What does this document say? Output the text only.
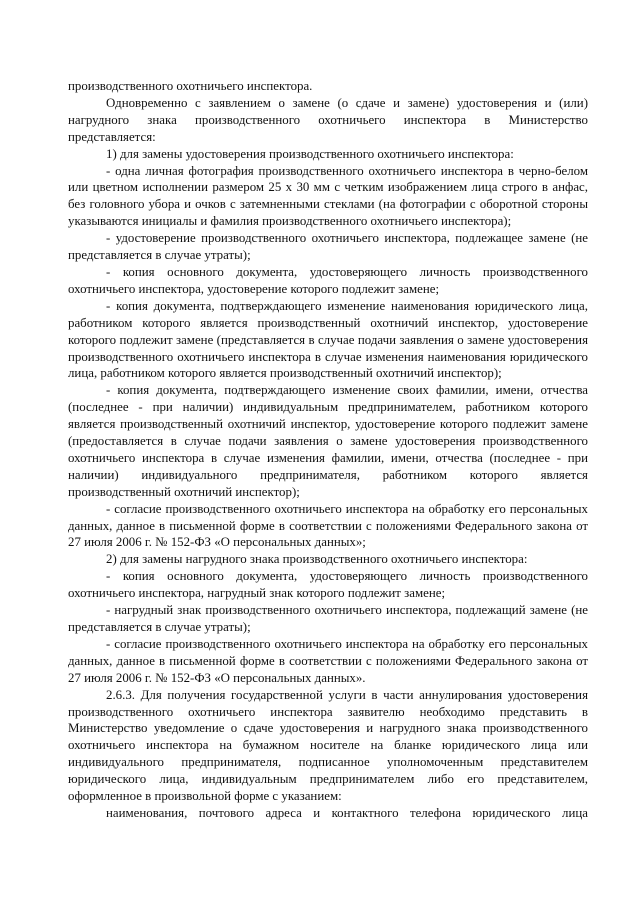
производственного охотничьего инспектора.

Одновременно с заявлением о замене (о сдаче и замене) удостоверения и (или) нагрудного знака производственного охотничьего инспектора в Министерство представляется:

1) для замены удостоверения производственного охотничьего инспектора:

- одна личная фотография производственного охотничьего инспектора в черно-белом или цветном исполнении размером 25 x 30 мм с четким изображением лица строго в анфас, без головного убора и очков с затемненными стеклами (на фотографии с оборотной стороны указываются инициалы и фамилия производственного охотничьего инспектора);

- удостоверение производственного охотничьего инспектора, подлежащее замене (не представляется в случае утраты);

- копия основного документа, удостоверяющего личность производственного охотничьего инспектора, удостоверение которого подлежит замене;

- копия документа, подтверждающего изменение наименования юридического лица, работником которого является производственный охотничий инспектор, удостоверение которого подлежит замене (представляется в случае подачи заявления о замене удостоверения производственного охотничьего инспектора в случае изменения наименования юридического лица, работником которого является производственный охотничий инспектор);

- копия документа, подтверждающего изменение своих фамилии, имени, отчества (последнее - при наличии) индивидуальным предпринимателем, работником которого является производственный охотничий инспектор, удостоверение которого подлежит замене (предоставляется в случае подачи заявления о замене удостоверения производственного охотничьего инспектора в случае изменения фамилии, имени, отчества (последнее - при наличии) индивидуального предпринимателя, работником которого является производственный охотничий инспектор);

- согласие производственного охотничьего инспектора на обработку его персональных данных, данное в письменной форме в соответствии с положениями Федерального закона от 27 июля 2006 г. № 152-ФЗ «О персональных данных»;

2) для замены нагрудного знака производственного охотничьего инспектора:

- копия основного документа, удостоверяющего личность производственного охотничьего инспектора, нагрудный знак которого подлежит замене;

- нагрудный знак производственного охотничьего инспектора, подлежащий замене (не представляется в случае утраты);

- согласие производственного охотничьего инспектора на обработку его персональных данных, данное в письменной форме в соответствии с положениями Федерального закона от 27 июля 2006 г. № 152-ФЗ «О персональных данных».

2.6.3. Для получения государственной услуги в части аннулирования удостоверения производственного охотничьего инспектора заявителю необходимо представить в Министерство уведомление о сдаче удостоверения и нагрудного знака производственного охотничьего инспектора на бумажном носителе на бланке юридического лица или индивидуального предпринимателя, подписанное уполномоченным представителем юридического лица, индивидуальным предпринимателем либо его представителем, оформленное в произвольной форме с указанием:

наименования, почтового адреса и контактного телефона юридического лица
